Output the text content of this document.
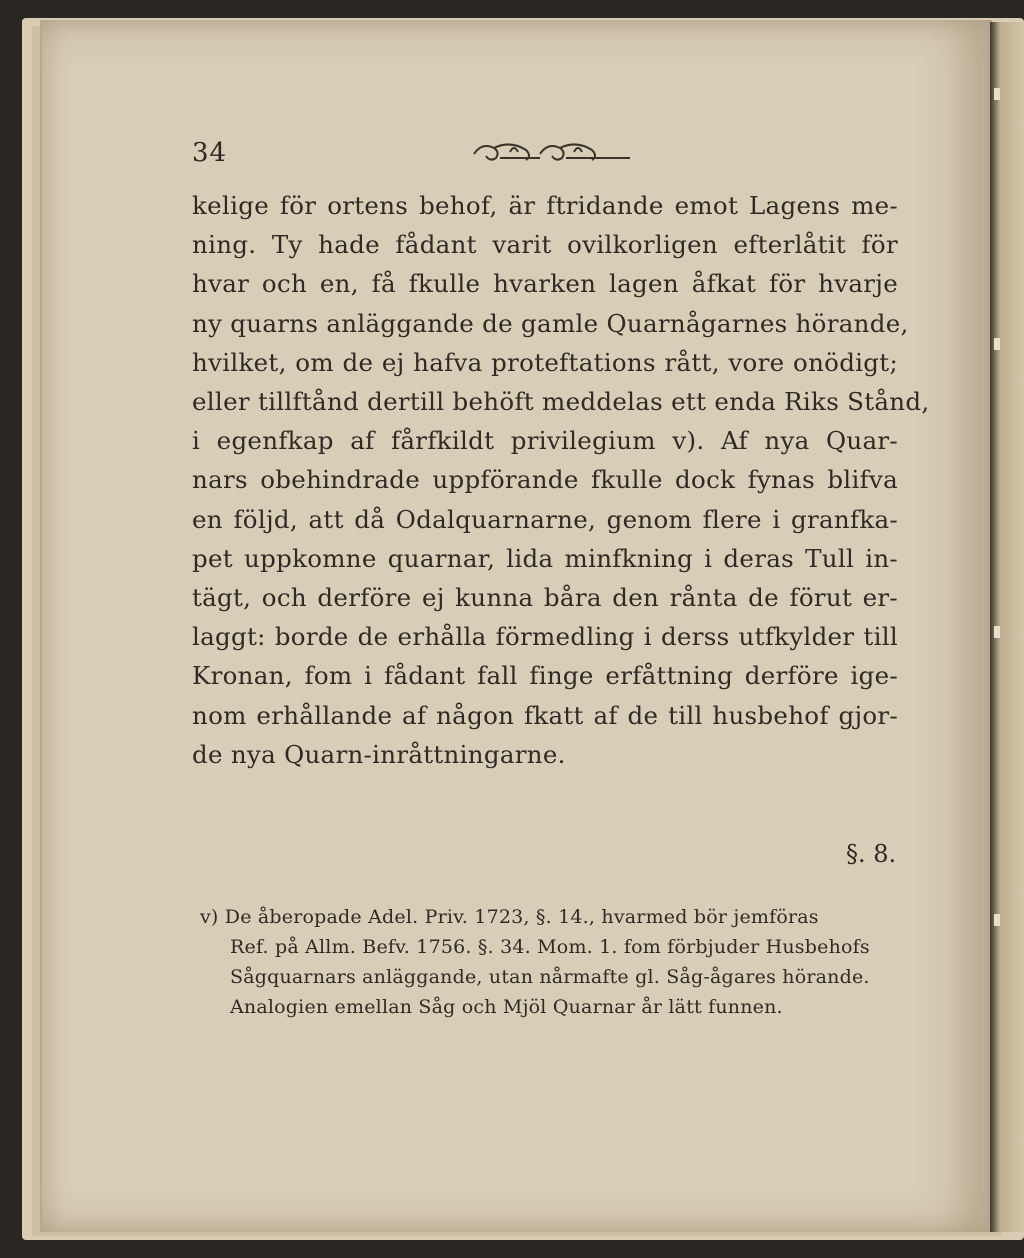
34
kelige för ortens behof, är ftridande emot Lagens me-
ning. Ty hade fådant varit ovilkorligen efterlåtit för
hvar och en, få fkulle hvarken lagen åfkat för hvarje
ny quarns anläggande de gamle Quarnågarnes hörande,
hvilket, om de ej hafva proteftations rått, vore onödigt;
eller tillftånd dertill behöft meddelas ett enda Riks Stånd,
i egenfkap af fårfkildt privilegium v). Af nya Quar-
nars obehindrade uppförande fkulle dock fynas blifva
en följd, att då Odalquarnarne, genom flere i granfka-
pet uppkomne quarnar, lida minfkning i deras Tull in-
tägt, och derföre ej kunna båra den rånta de förut er-
laggt: borde de erhålla förmedling i derss utfkylder till
Kronan, fom i fådant fall finge erfåttning derföre ige-
nom erhållande af någon fkatt af de till husbehof gjor-
de nya Quarn-inråttningarne.
§. 8.
v) De åberopade Adel. Priv. 1723, §. 14., hvarmed bör jemföras
Ref. på Allm. Befv. 1756. §. 34. Mom. 1. fom förbjuder Husbehofs
Sågquarnars anläggande, utan nårmafte gl. Såg-ågares hörande.
Analogien emellan Såg och Mjöl Quarnar år lätt funnen.
